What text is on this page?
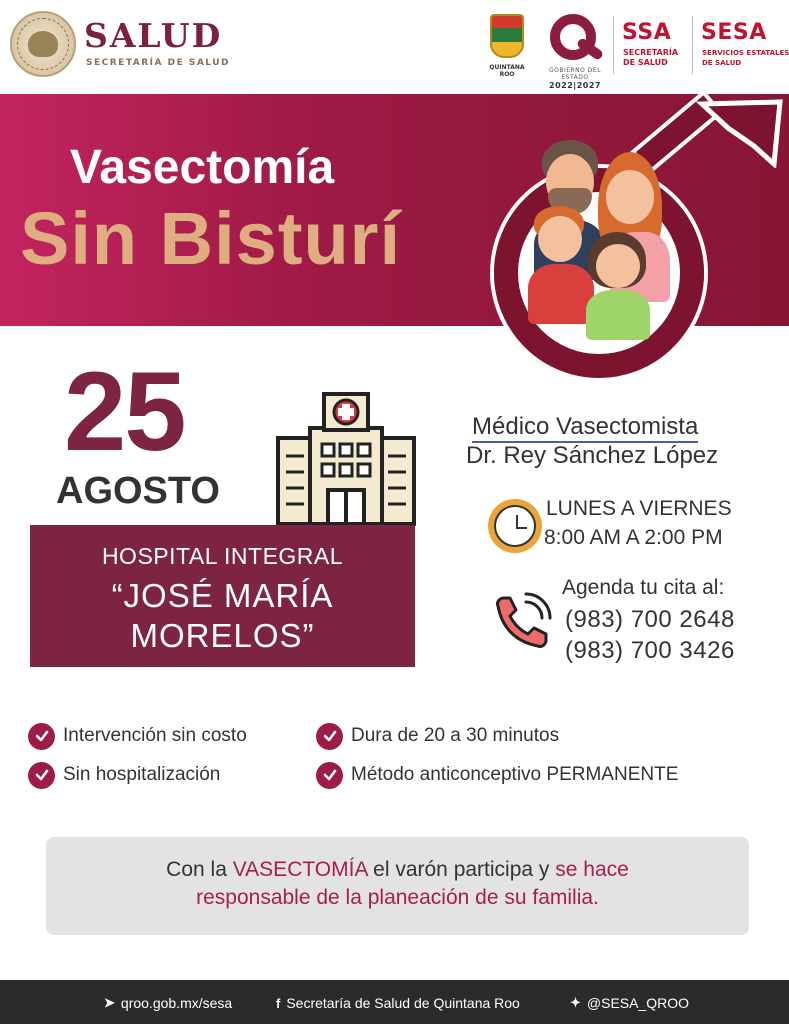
SALUD
SECRETARÍA DE SALUD	QUINTANA ROO
GOBIERNO DEL ESTADO
2022|2027
SSA
SECRETARÍA DE SALUD
SESA
SERVICIOS ESTATALES DE SALUD
Vasectomía
Sin Bisturí
25
AGOSTO
HOSPITAL INTEGRAL
“JOSÉ MARÍA MORELOS”
Médico Vasectomista
Dr. Rey Sánchez López
LUNES A VIERNES
8:00 AM A 2:00 PM
Agenda tu cita al:
(983) 700 2648
(983) 700 3426
Intervención sin costo	Dura de 20 a 30 minutos
Sin hospitalización	Método anticonceptivo PERMANENTE
Con la VASECTOMÍA el varón participa y se hace
responsable de la planeación de su familia.
➤ qroo.gob.mx/sesa	f Secretaría de Salud de Quintana Roo	✦ @SESA_QROO
